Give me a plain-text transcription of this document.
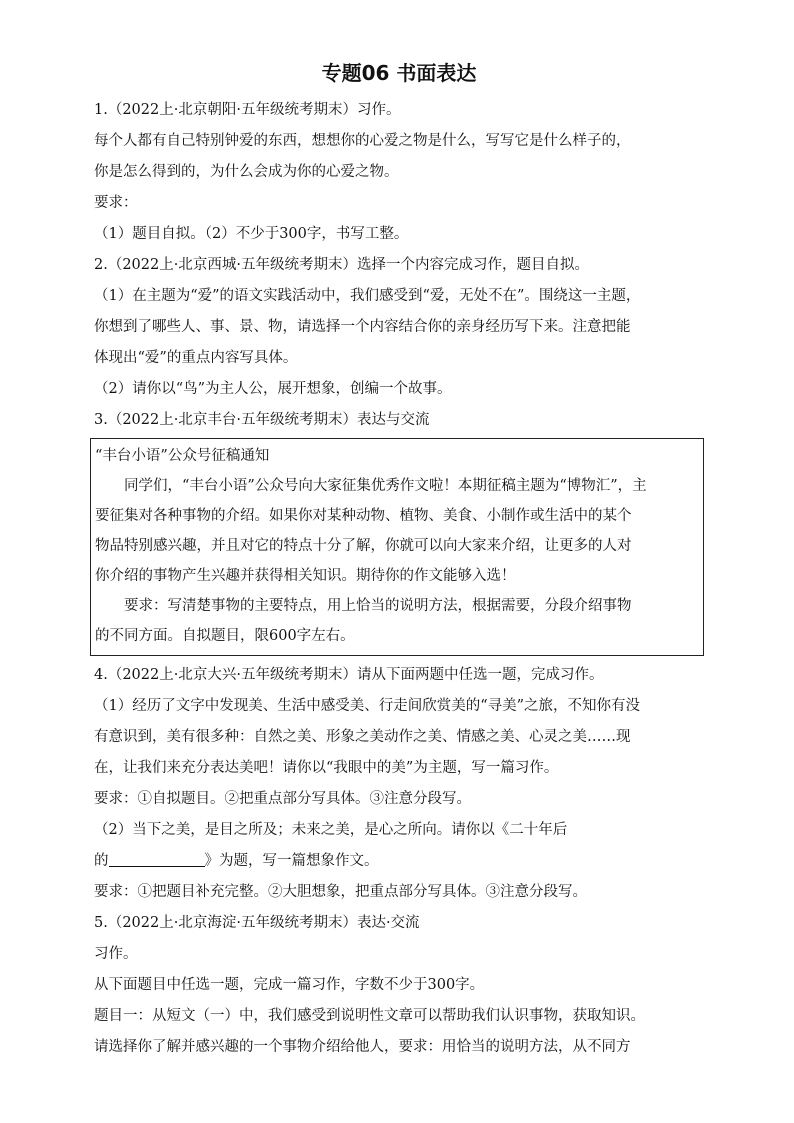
专题06 书面表达
1.（2022上·北京朝阳·五年级统考期末）习作。
每个人都有自己特别钟爱的东西，想想你的心爱之物是什么，写写它是什么样子的，
你是怎么得到的，为什么会成为你的心爱之物。
要求：
（1）题目自拟。（2）不少于300字，书写工整。
2.（2022上·北京西城·五年级统考期末）选择一个内容完成习作，题目自拟。
（1）在主题为“爱”的语文实践活动中，我们感受到“爱，无处不在”。围绕这一主题，
你想到了哪些人、事、景、物，请选择一个内容结合你的亲身经历写下来。注意把能
体现出“爱”的重点内容写具体。
（2）请你以“鸟”为主人公，展开想象，创编一个故事。
3.（2022上·北京丰台·五年级统考期末）表达与交流
“丰台小语”公众号征稿通知
同学们，“丰台小语”公众号向大家征集优秀作文啦！本期征稿主题为“博物汇”，主
要征集对各种事物的介绍。如果你对某种动物、植物、美食、小制作或生活中的某个
物品特别感兴趣，并且对它的特点十分了解，你就可以向大家来介绍，让更多的人对
你介绍的事物产生兴趣并获得相关知识。期待你的作文能够入选！
要求：写清楚事物的主要特点，用上恰当的说明方法，根据需要，分段介绍事物
的不同方面。自拟题目，限600字左右。
4.（2022上·北京大兴·五年级统考期末）请从下面两题中任选一题，完成习作。
（1）经历了文字中发现美、生活中感受美、行走间欣赏美的“寻美”之旅，不知你有没
有意识到，美有很多种：自然之美、形象之美动作之美、情感之美、心灵之美……现
在，让我们来充分表达美吧！请你以“我眼中的美”为主题，写一篇习作。
要求：①自拟题目。②把重点部分写具体。③注意分段写。
（2）当下之美，是目之所及；未来之美，是心之所向。请你以《二十年后
的	》为题，写一篇想象作文。
要求：①把题目补充完整。②大胆想象，把重点部分写具体。③注意分段写。
5.（2022上·北京海淀·五年级统考期末）表达·交流
习作。
从下面题目中任选一题，完成一篇习作，字数不少于300字。
题目一：从短文（一）中，我们感受到说明性文章可以帮助我们认识事物，获取知识。
请选择你了解并感兴趣的一个事物介绍给他人，要求：用恰当的说明方法，从不同方
